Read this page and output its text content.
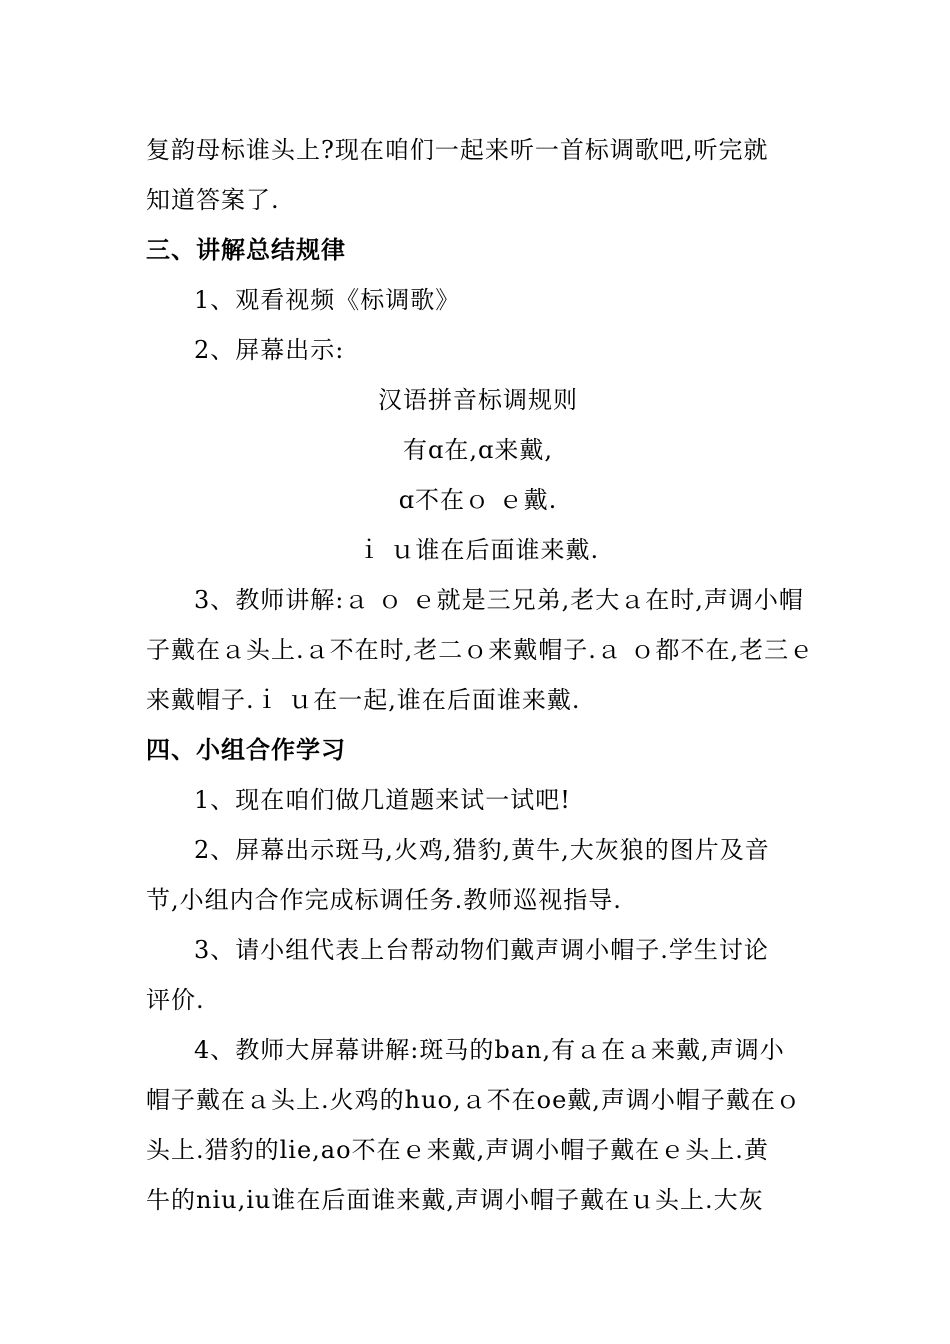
复韵母标谁头上?现在咱们一起来听一首标调歌吧,听完就
知道答案了.
三、讲解总结规律
1、观看视频《标调歌》
2、屏幕出示:
汉语拼音标调规则
有ɑ在,ɑ来戴,
ɑ不在ｏ ｅ戴.
ｉ ｕ谁在后面谁来戴.
3、教师讲解:ａ ｏ ｅ就是三兄弟,老大ａ在时,声调小帽
子戴在ａ头上.ａ不在时,老二ｏ来戴帽子.ａ ｏ都不在,老三ｅ
来戴帽子.ｉ ｕ在一起,谁在后面谁来戴.
四、小组合作学习
1、现在咱们做几道题来试一试吧!
2、屏幕出示斑马,火鸡,猎豹,黄牛,大灰狼的图片及音
节,小组内合作完成标调任务.教师巡视指导.
3、请小组代表上台帮动物们戴声调小帽子.学生讨论
评价.
4、教师大屏幕讲解:斑马的ban,有ａ在ａ来戴,声调小
帽子戴在ａ头上.火鸡的huo,ａ不在oe戴,声调小帽子戴在ｏ
头上.猎豹的lie,ao不在ｅ来戴,声调小帽子戴在ｅ头上.黄
牛的niu,iu谁在后面谁来戴,声调小帽子戴在ｕ头上.大灰
